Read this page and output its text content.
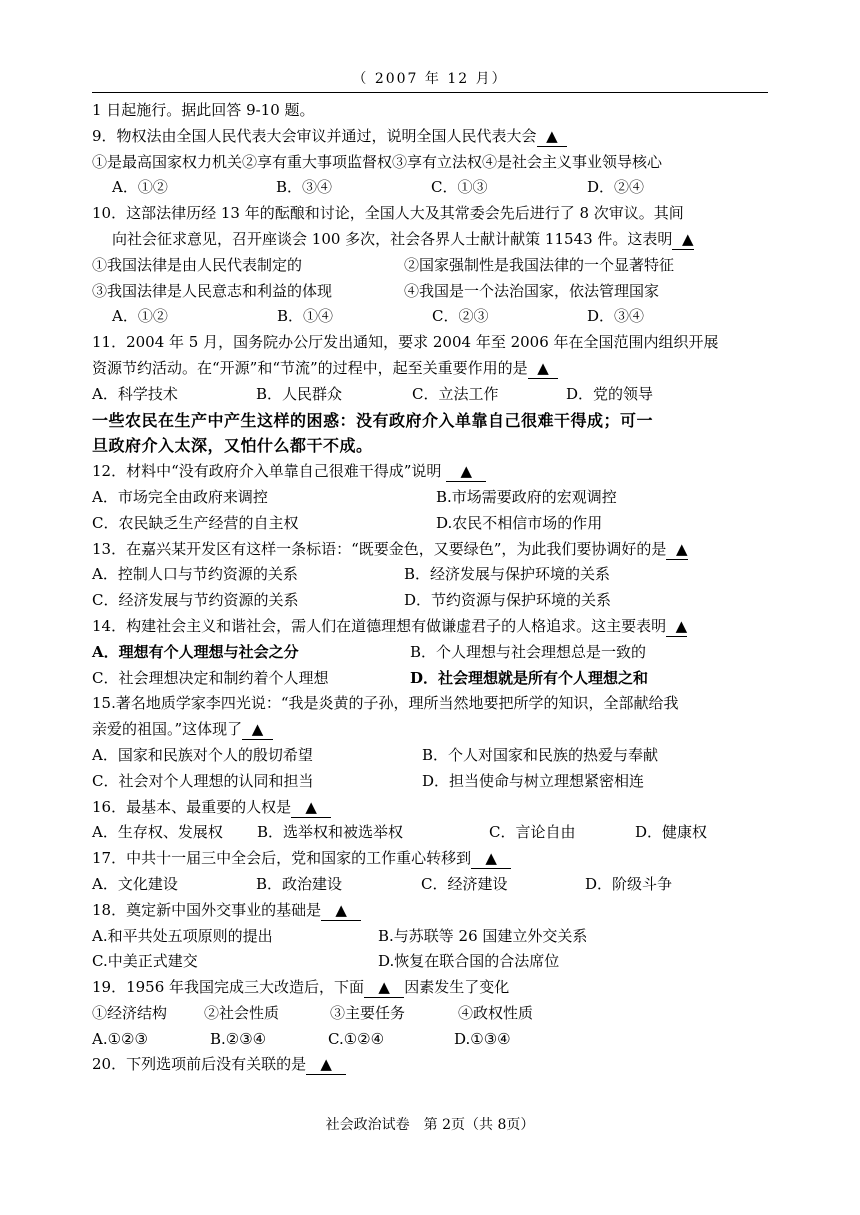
（ 2007 年 12 月）
1 日起施行。据此回答 9-10 题。
9．物权法由全国人民代表大会审议并通过，说明全国人民代表大会 ▲
①是最高国家权力机关②享有重大事项监督权③享有立法权④是社会主义事业领导核心
A．①②	B．③④	C．①③	D．②④
10．这部法律历经 13 年的酝酿和讨论，全国人大及其常委会先后进行了 8 次审议。其间
向社会征求意见，召开座谈会 100 多次，社会各界人士献计献策 11543 件。这表明 ▲
①我国法律是由人民代表制定的	②国家强制性是我国法律的一个显著特征
③我国法律是人民意志和利益的体现	④我国是一个法治国家，依法管理国家
A．①②	B．①④	C．②③	D．③④
11．2004 年 5 月，国务院办公厅发出通知，要求 2004 年至 2006 年在全国范围内组织开展
资源节约活动。在“开源”和“节流”的过程中，起至关重要作用的是 ▲
A．科学技术	B．人民群众	C．立法工作	D．党的领导
一些农民在生产中产生这样的困惑：没有政府介入单靠自己很难干得成；可一
旦政府介入太深，又怕什么都干不成。
12．材料中“没有政府介入单靠自己很难干得成”说明 ▲
A．市场完全由政府来调控	B.市场需要政府的宏观调控
C．农民缺乏生产经营的自主权	D.农民不相信市场的作用
13．在嘉兴某开发区有这样一条标语：“既要金色，又要绿色”，为此我们要协调好的是 ▲
A．控制人口与节约资源的关系	B．经济发展与保护环境的关系
C．经济发展与节约资源的关系	D．节约资源与保护环境的关系
14．构建社会主义和谐社会，需人们在道德理想有做谦虚君子的人格追求。这主要表明 ▲
A．理想有个人理想与社会之分	B．个人理想与社会理想总是一致的
C．社会理想决定和制约着个人理想	D．社会理想就是所有个人理想之和
15.著名地质学家李四光说：“我是炎黄的子孙，理所当然地要把所学的知识，全部献给我
亲爱的祖国。”这体现了 ▲
A．国家和民族对个人的殷切希望	B．个人对国家和民族的热爱与奉献
C．社会对个人理想的认同和担当	D．担当使命与树立理想紧密相连
16．最基本、最重要的人权是 ▲
A．生存权、发展权	B．选举权和被选举权	C．言论自由	D．健康权
17．中共十一届三中全会后，党和国家的工作重心转移到 ▲
A．文化建设	B．政治建设	C．经济建设	D．阶级斗争
18．奠定新中国外交事业的基础是 ▲
A.和平共处五项原则的提出	B.与苏联等 26 国建立外交关系
C.中美正式建交	D.恢复在联合国的合法席位
19．1956 年我国完成三大改造后，下面 ▲ 因素发生了变化
①经济结构	②社会性质	③主要任务	④政权性质
A.①②③	B.②③④	C.①②④	D.①③④
20．下列选项前后没有关联的是 ▲
社会政治试卷　第 2页（共 8页）
